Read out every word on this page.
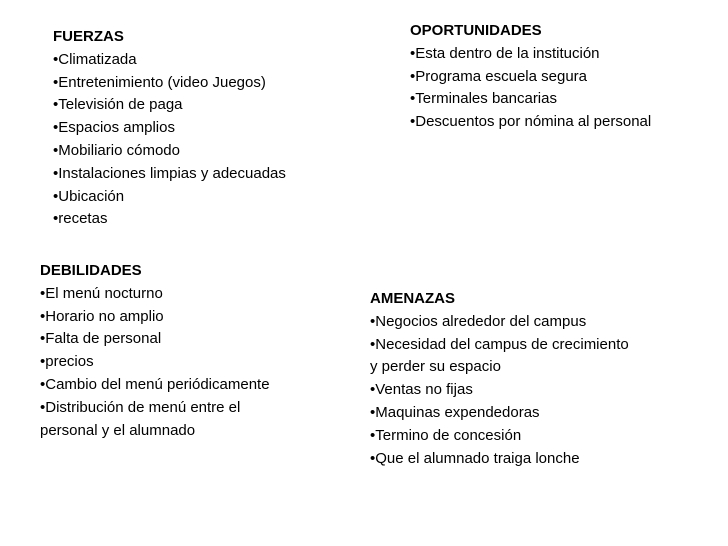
FUERZAS
•Climatizada
•Entretenimiento (video Juegos)
•Televisión de paga
•Espacios amplios
•Mobiliario cómodo
•Instalaciones limpias y adecuadas
•Ubicación
•recetas
OPORTUNIDADES
•Esta dentro de la institución
•Programa escuela segura
•Terminales bancarias
•Descuentos por nómina al personal
DEBILIDADES
•El menú nocturno
•Horario no amplio
•Falta de personal
•precios
•Cambio del menú periódicamente
•Distribución de menú entre el
personal y el alumnado
AMENAZAS
•Negocios alrededor del campus
•Necesidad del campus de crecimiento
y perder su espacio
•Ventas no fijas
•Maquinas expendedoras
•Termino de concesión
•Que el alumnado traiga lonche
